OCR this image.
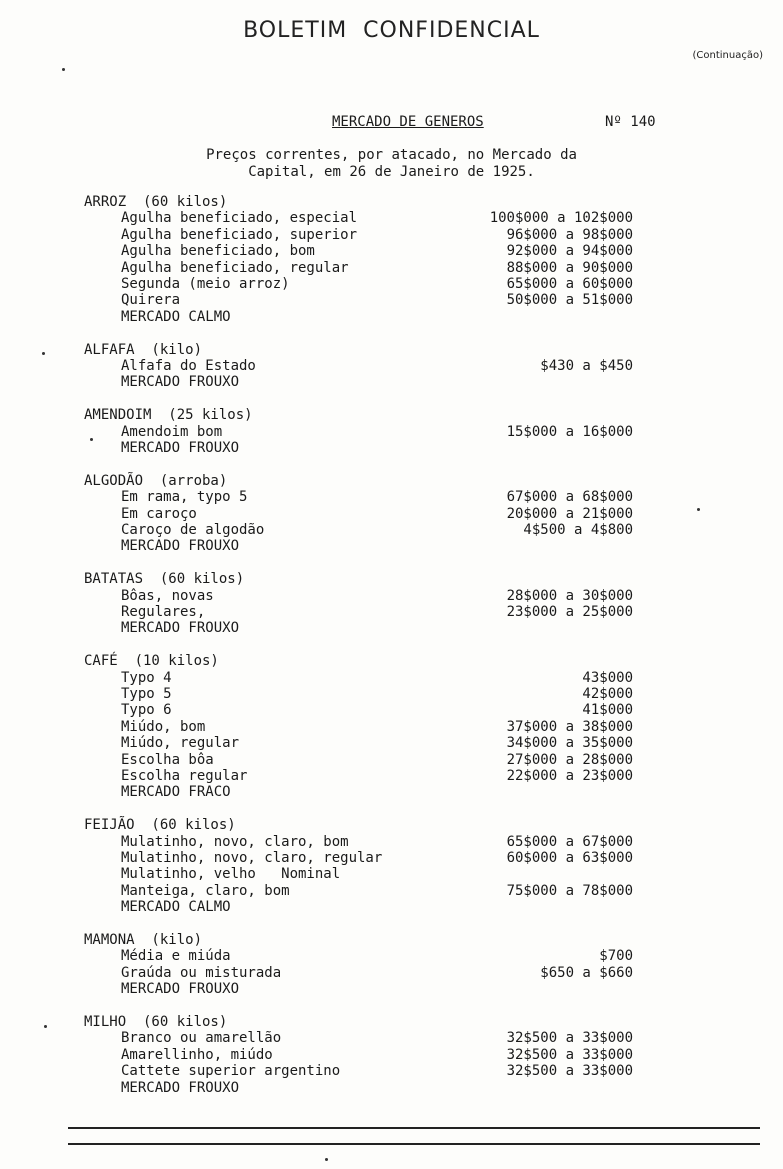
BOLETIM  CONFIDENCIAL
(Continuação)
MERCADO DE GENEROS	Nº 140
Preços correntes, por atacado, no Mercado da
Capital, em 26 de Janeiro de 1925.
ARROZ  (60 kilos)
Agulha beneficiado, especial	100$000 a 102$000
Agulha beneficiado, superior	96$000 a 98$000
Agulha beneficiado, bom	92$000 a 94$000
Agulha beneficiado, regular	88$000 a 90$000
Segunda (meio arroz)	65$000 a 60$000
Quirera	50$000 a 51$000
MERCADO CALMO
ALFAFA  (kilo)
Alfafa do Estado	$430 a $450
MERCADO FROUXO
AMENDOIM  (25 kilos)
Amendoim bom	15$000 a 16$000
MERCADO FROUXO
ALGODÃO  (arroba)
Em rama, typo 5	67$000 a 68$000
Em caroço	20$000 a 21$000
Caroço de algodão	4$500 a 4$800
MERCADO FROUXO
BATATAS  (60 kilos)
Bôas, novas	28$000 a 30$000
Regulares,	23$000 a 25$000
MERCADO FROUXO
CAFÉ  (10 kilos)
Typo 4	43$000
Typo 5	42$000
Typo 6	41$000
Miúdo, bom	37$000 a 38$000
Miúdo, regular	34$000 a 35$000
Escolha bôa	27$000 a 28$000
Escolha regular	22$000 a 23$000
MERCADO FRACO
FEIJÃO  (60 kilos)
Mulatinho, novo, claro, bom	65$000 a 67$000
Mulatinho, novo, claro, regular	60$000 a 63$000
Mulatinho, velho   Nominal
Manteiga, claro, bom	75$000 a 78$000
MERCADO CALMO
MAMONA  (kilo)
Média e miúda	$700
Graúda ou misturada	$650 a $660
MERCADO FROUXO
MILHO  (60 kilos)
Branco ou amarellão	32$500 a 33$000
Amarellinho, miúdo	32$500 a 33$000
Cattete superior argentino	32$500 a 33$000
MERCADO FROUXO
